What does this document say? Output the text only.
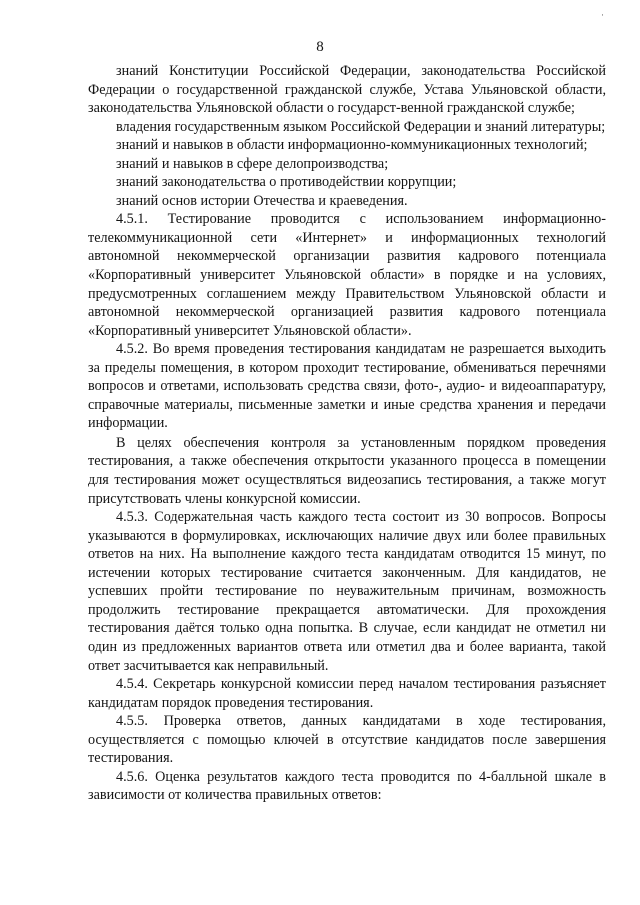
·
8

знаний Конституции Российской Федерации, законодательства Российской Федерации о государственной гражданской службе, Устава Ульяновской области, законодательства Ульяновской области о государст-венной гражданской службе;

владения государственным языком Российской Федерации и знаний литературы;

знаний и навыков в области информационно-коммуникационных технологий;

знаний и навыков в сфере делопроизводства;

знаний законодательства о противодействии коррупции;

знаний основ истории Отечества и краеведения.

4.5.1. Тестирование проводится с использованием информационно-телекоммуникационной сети «Интернет» и информационных технологий автономной некоммерческой организации развития кадрового потенциала «Корпоративный университет Ульяновской области» в порядке и на условиях, предусмотренных соглашением между Правительством Ульяновской области и автономной некоммерческой организацией развития кадрового потенциала «Корпоративный университет Ульяновской области».

4.5.2. Во время проведения тестирования кандидатам не разрешается выходить за пределы помещения, в котором проходит тестирование, обмениваться перечнями вопросов и ответами, использовать средства связи, фото-, аудио- и видеоаппаратуру, справочные материалы, письменные заметки и иные средства хранения и передачи информации.

В целях обеспечения контроля за установленным порядком проведения тестирования, а также обеспечения открытости указанного процесса в помещении для тестирования может осуществляться видеозапись тестирования, а также могут присутствовать члены конкурсной комиссии.

4.5.3. Содержательная часть каждого теста состоит из 30 вопросов. Вопросы указываются в формулировках, исключающих наличие двух или более правильных ответов на них. На выполнение каждого теста кандидатам отводится 15 минут, по истечении которых тестирование считается законченным. Для кандидатов, не успевших пройти тестирование по неуважительным причинам, возможность продолжить тестирование прекращается автоматически. Для прохождения тестирования даётся только одна попытка. В случае, если кандидат не отметил ни один из предложенных вариантов ответа или отметил два и более варианта, такой ответ засчитывается как неправильный.

4.5.4. Секретарь конкурсной комиссии перед началом тестирования разъясняет кандидатам порядок проведения тестирования.

4.5.5. Проверка ответов, данных кандидатами в ходе тестирования, осуществляется с помощью ключей в отсутствие кандидатов после завершения тестирования.

4.5.6. Оценка результатов каждого теста проводится по 4-балльной шкале в зависимости от количества правильных ответов:
